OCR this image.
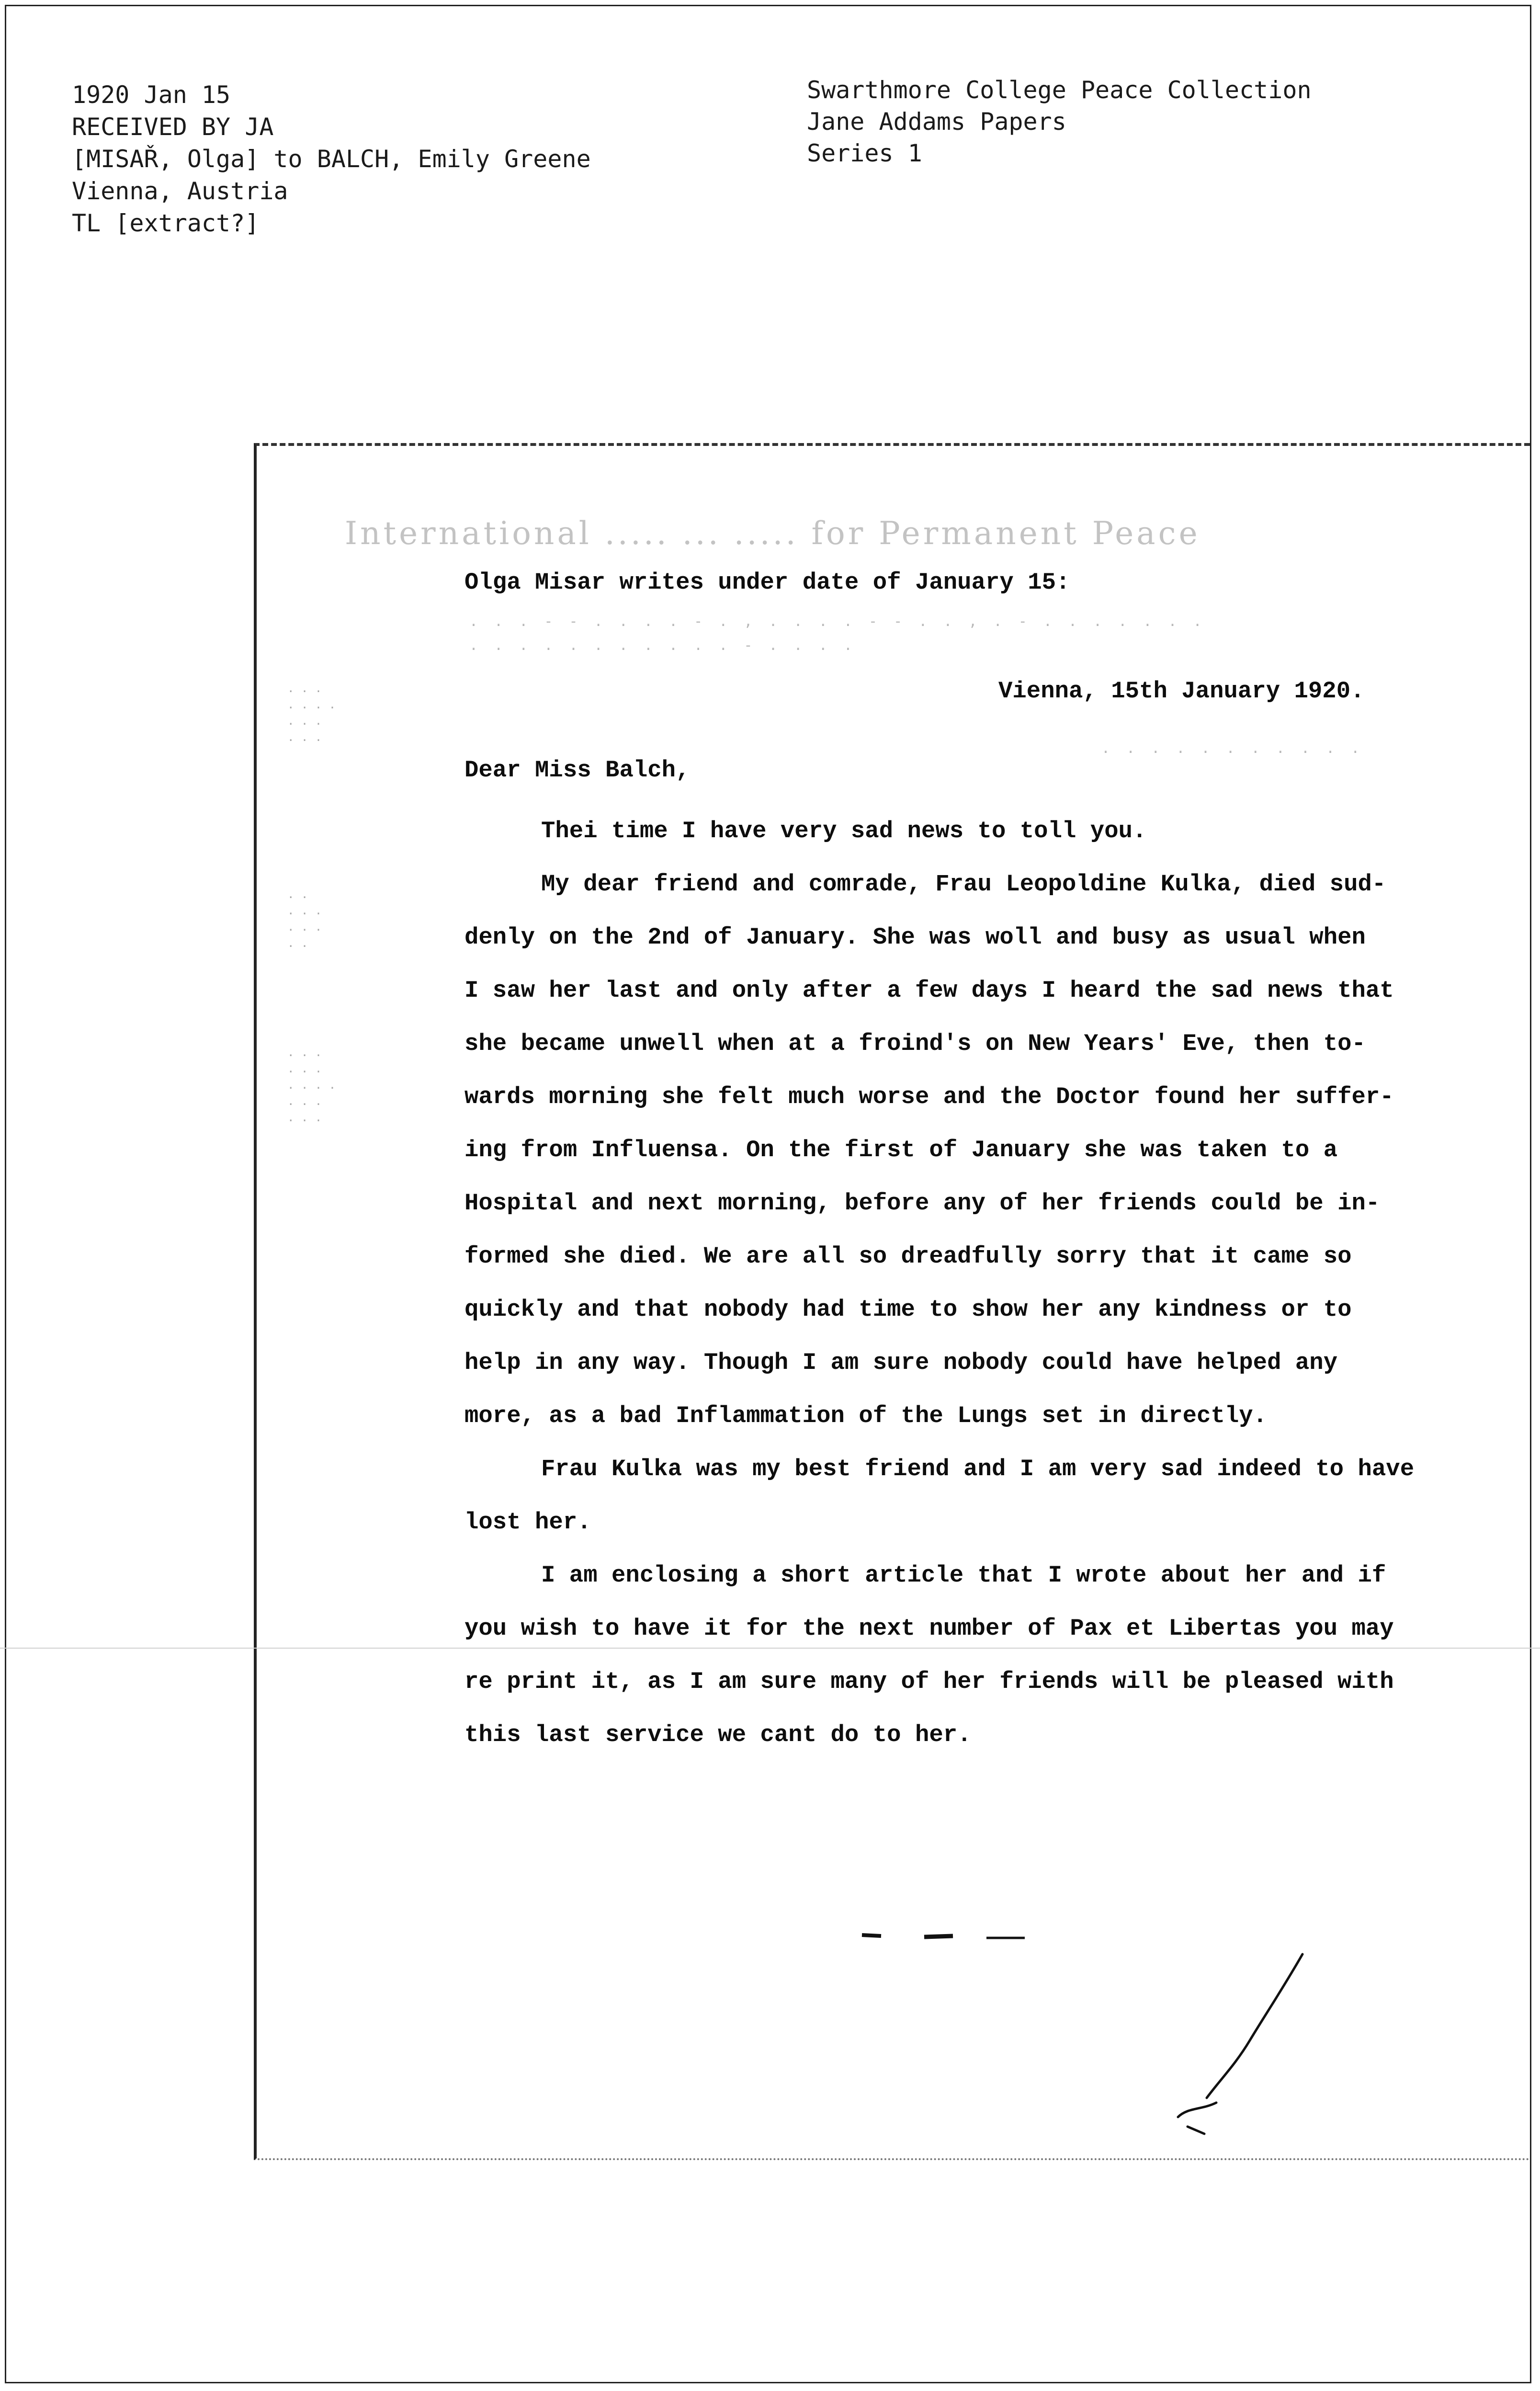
1920 Jan 15
RECEIVED BY JA
[MISAŘ, Olga] to BALCH, Emily Greene
Vienna, Austria
TL [extract?]
Swarthmore College Peace Collection
Jane Addams Papers
Series 1
International ..... ... ..... for Permanent Peace
. . . - - . . . . - . , . . . . - - . . , . - . . . . . . .
. . . . . . . . . . . - . . . .
. . . . . . . . . . .
. . .
. . . .
. . .
. . .
. .
. . .
. . .
. .
. . .
. . .
. . . .
. . .
. . .
Olga Misar writes under date of January 15:
Vienna, 15th January 1920.
Dear Miss Balch,
Thei time I have very sad news to toll you.
My dear friend and comrade, Frau Leopoldine Kulka, died sud-
denly on the 2nd of January. She was woll and busy as usual when
I saw her last and only after a few days I heard the sad news that
she became unwell when at a froind's on New Years' Eve, then to-
wards morning she felt much worse and the Doctor found her suffer-
ing from Influensa. On the first of January she was taken to a
Hospital and next morning, before any of her friends could be in-
formed she died. We are all so dreadfully sorry that it came so
quickly and that nobody had time to show her any kindness or to
help in any way. Though I am sure nobody could have helped any
more, as a bad Inflammation of the Lungs set in directly.
Frau Kulka was my best friend and I am very sad indeed to have
lost her.
I am enclosing a short article that I wrote about her and if
you wish to have it for the next number of Pax et Libertas you may
re print it, as I am sure many of her friends will be pleased with
this last service we cant do to her.
